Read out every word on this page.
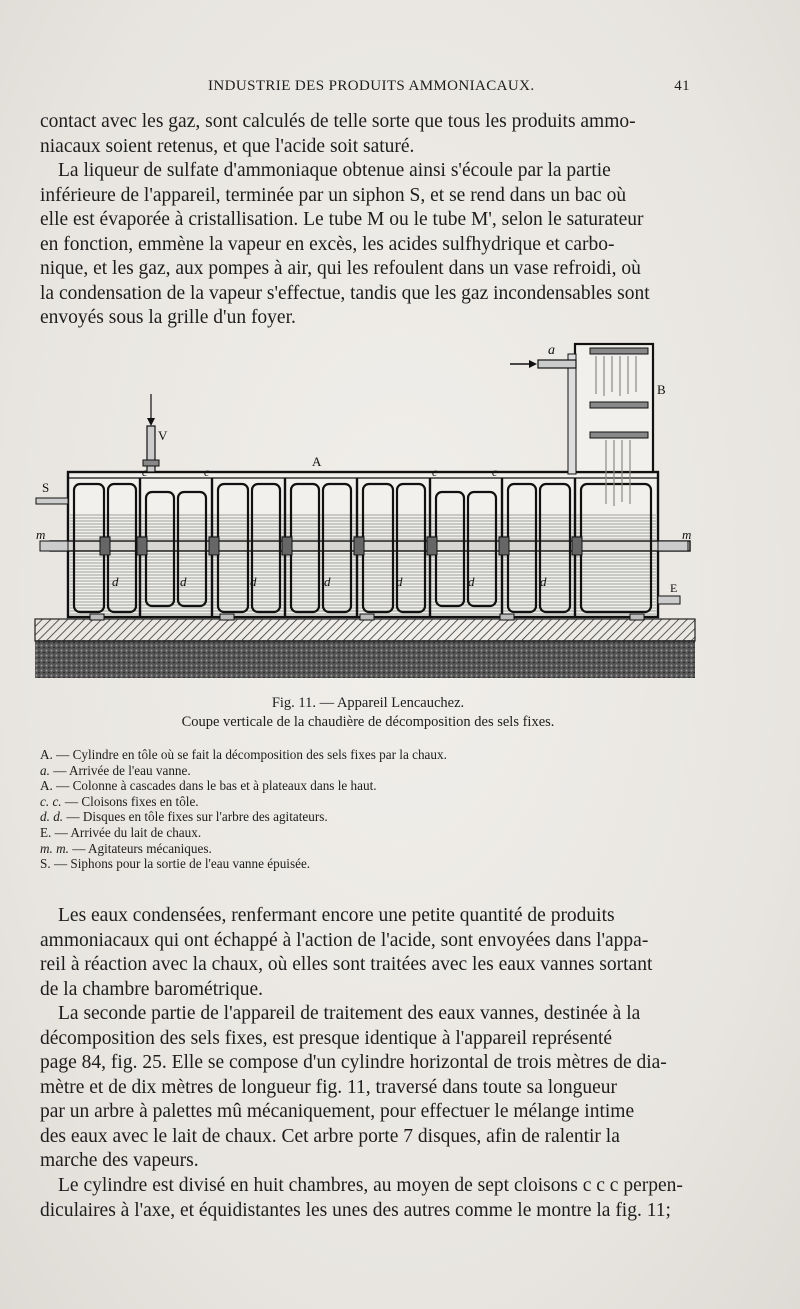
INDUSTRIE DES PRODUITS AMMONIACAUX.	41

contact avec les gaz, sont calculés de telle sorte que tous les produits ammo-
niacaux soient retenus, et que l'acide soit saturé.

La liqueur de sulfate d'ammoniaque obtenue ainsi s'écoule par la partie
inférieure de l'appareil, terminée par un siphon S, et se rend dans un bac où
elle est évaporée à cristallisation. Le tube M ou le tube M', selon le saturateur
en fonction, emmène la vapeur en excès, les acides sulfhydrique et carbo-
nique, et les gaz, aux pompes à air, qui les refoulent dans un vase refroidi, où
la condensation de la vapeur s'effectue, tandis que les gaz incondensables sont
envoyés sous la grille d'un foyer.

a
B
V
A
S
m	m
E
c	c	c	c
d	d	d	d	d	d	d
Fig. 11. — Appareil Lencauchez.
Coupe verticale de la chaudière de décomposition des sels fixes.
A. — Cylindre en tôle où se fait la décomposition des sels fixes par la chaux.
a. — Arrivée de l'eau vanne.
A. — Colonne à cascades dans le bas et à plateaux dans le haut.
c. c. — Cloisons fixes en tôle.
d. d. — Disques en tôle fixes sur l'arbre des agitateurs.
E. — Arrivée du lait de chaux.
m. m. — Agitateurs mécaniques.
S. — Siphons pour la sortie de l'eau vanne épuisée.

Les eaux condensées, renfermant encore une petite quantité de produits
ammoniacaux qui ont échappé à l'action de l'acide, sont envoyées dans l'appa-
reil à réaction avec la chaux, où elles sont traitées avec les eaux vannes sortant
de la chambre barométrique.

La seconde partie de l'appareil de traitement des eaux vannes, destinée à la
décomposition des sels fixes, est presque identique à l'appareil représenté
page 84, fig. 25. Elle se compose d'un cylindre horizontal de trois mètres de dia-
mètre et de dix mètres de longueur fig. 11, traversé dans toute sa longueur
par un arbre à palettes mû mécaniquement, pour effectuer le mélange intime
des eaux avec le lait de chaux. Cet arbre porte 7 disques, afin de ralentir la
marche des vapeurs.

Le cylindre est divisé en huit chambres, au moyen de sept cloisons c c c perpen-
diculaires à l'axe, et équidistantes les unes des autres comme le montre la fig. 11;
